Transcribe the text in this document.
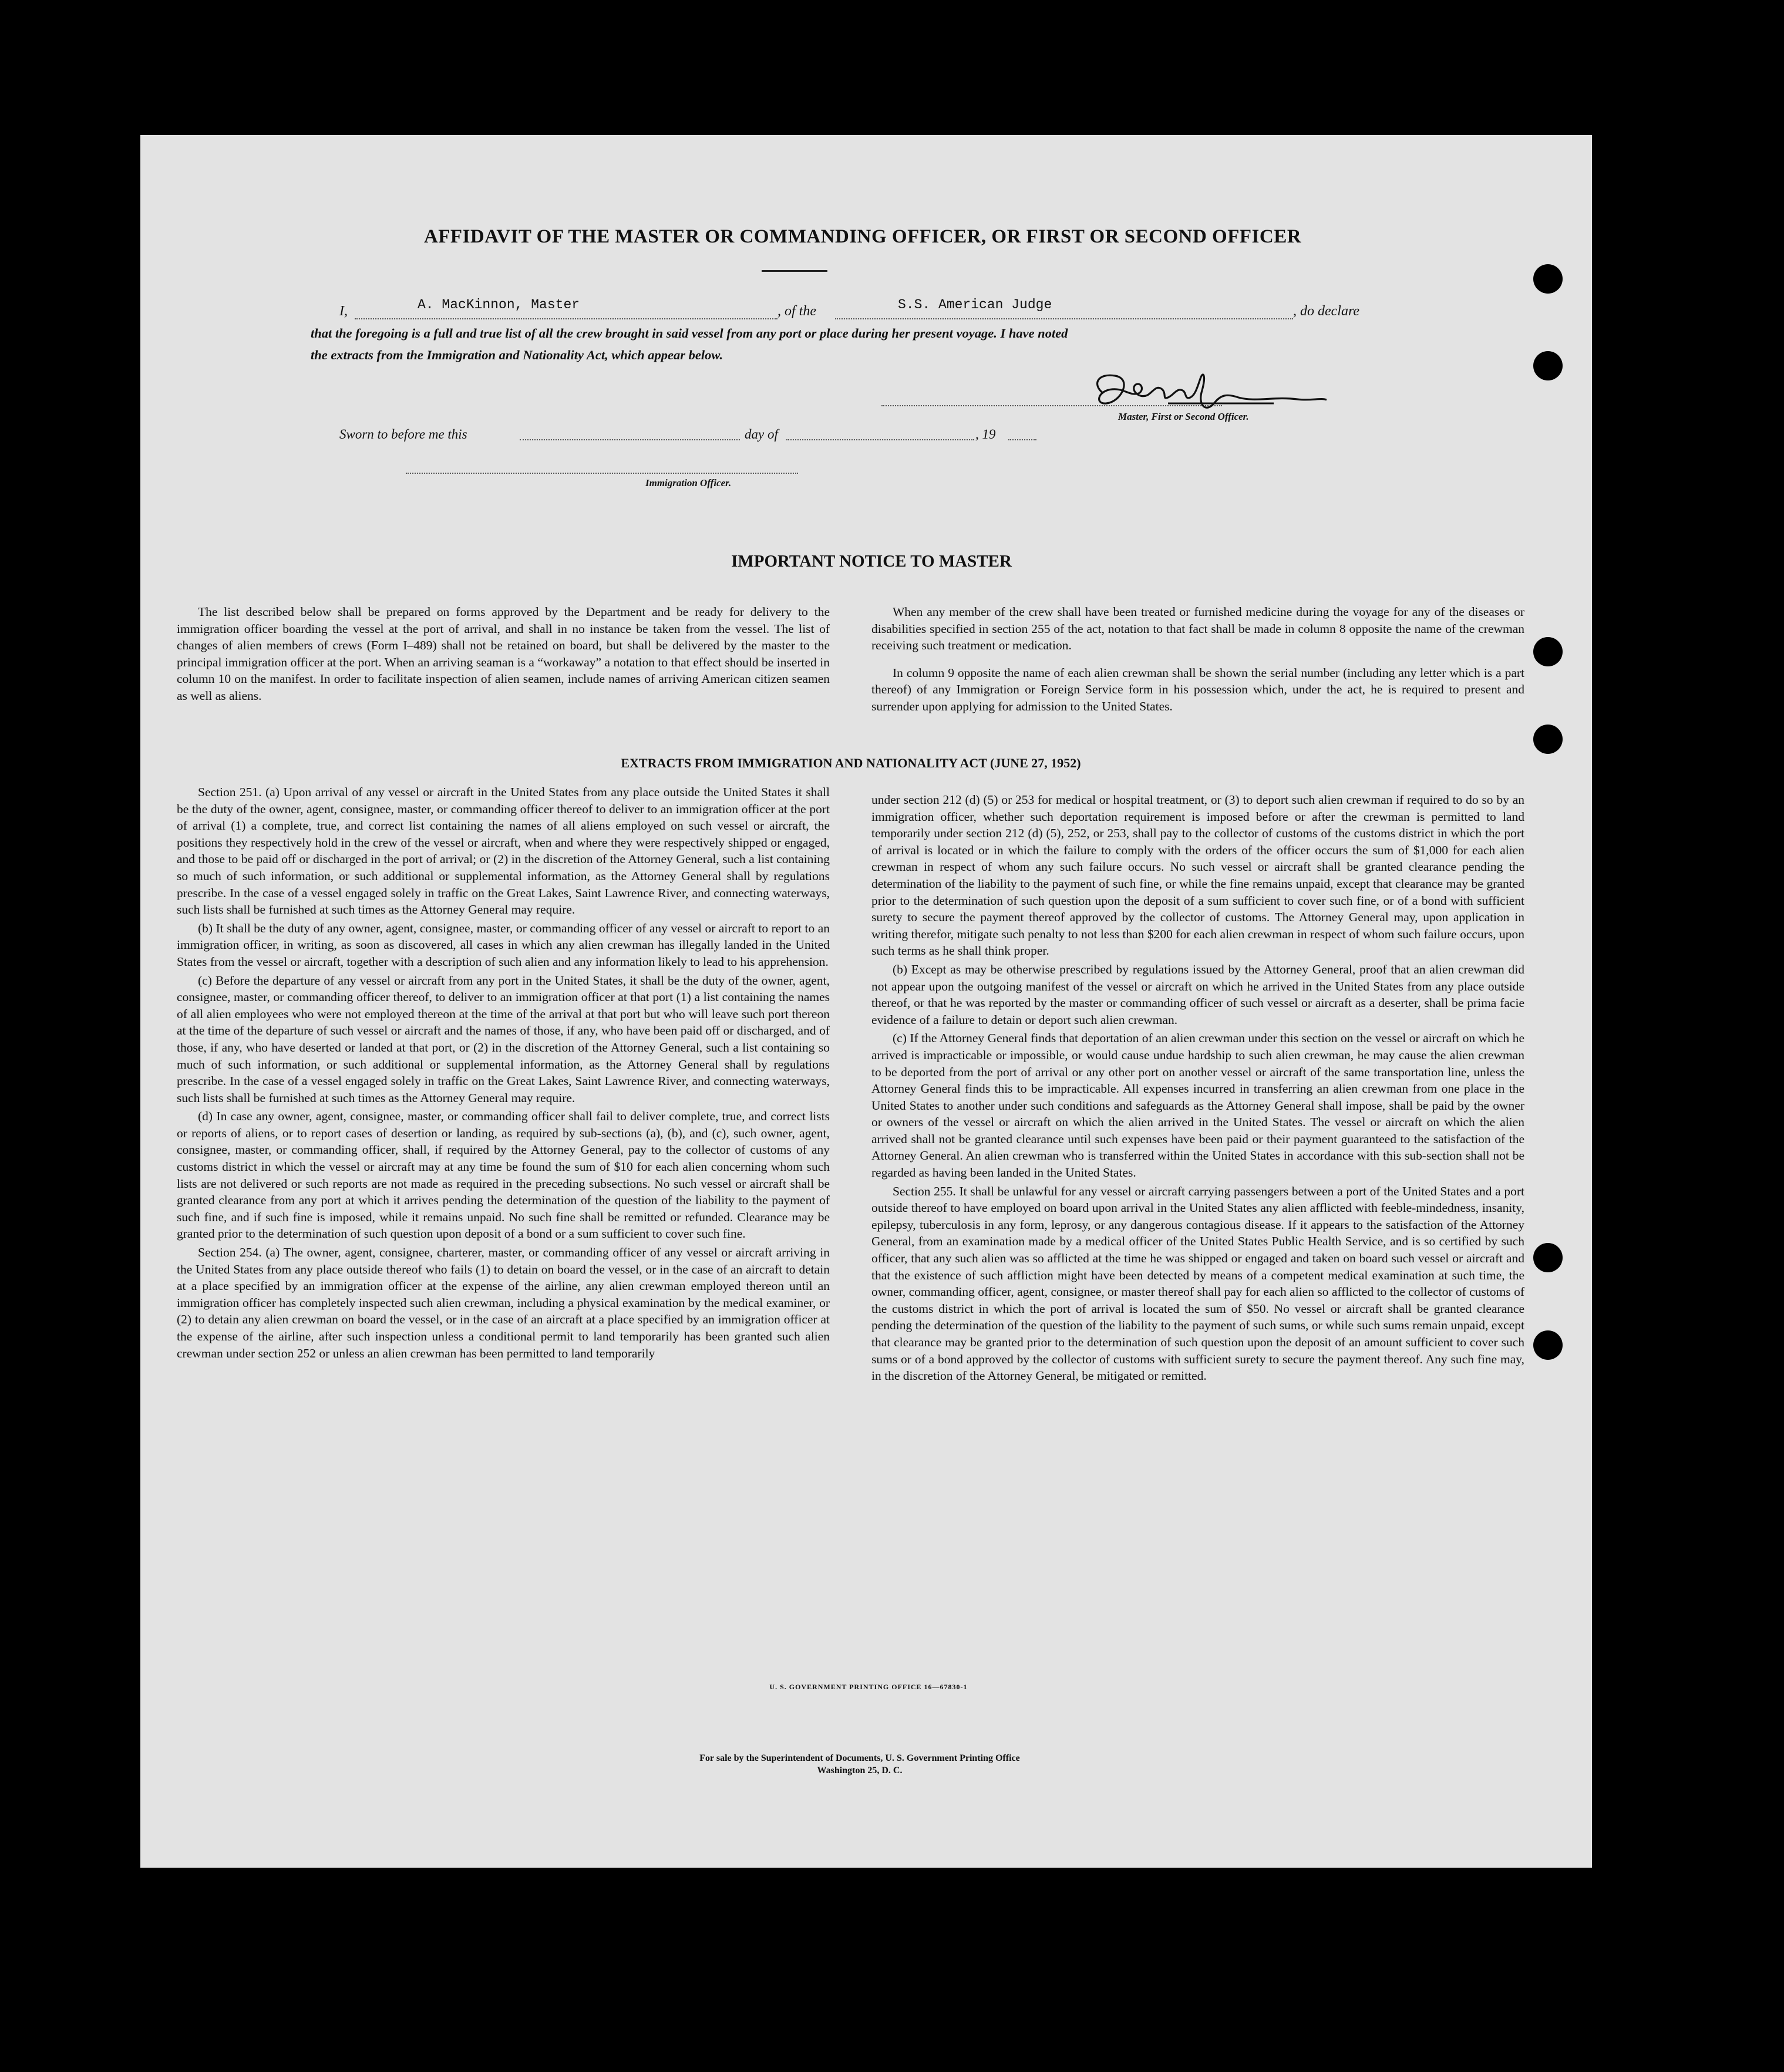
AFFIDAVIT OF THE MASTER OR COMMANDING OFFICER, OR FIRST OR SECOND OFFICER
I,	A. MacKinnon, Master	, of the	S.S. American Judge	, do declare
that the foregoing is a full and true list of all the crew brought in said vessel from any port or place during her present voyage. I have noted
the extracts from the Immigration and Nationality Act, which appear below.
Master, First or Second Officer.
Sworn to before me this	day of	, 19
Immigration Officer.
IMPORTANT NOTICE TO MASTER

The list described below shall be prepared on forms approved by the Department and be ready for delivery to the immigration officer boarding the vessel at the port of arrival, and shall in no instance be taken from the vessel. The list of changes of alien members of crews (Form I–489) shall not be retained on board, but shall be delivered by the master to the principal immigration officer at the port. When an arriving seaman is a “workaway” a notation to that effect should be inserted in column 10 on the manifest. In order to facilitate inspection of alien seamen, include names of arriving American citizen seamen as well as aliens.

When any member of the crew shall have been treated or furnished medicine during the voyage for any of the diseases or disabilities specified in section 255 of the act, notation to that fact shall be made in column 8 opposite the name of the crewman receiving such treatment or medication.

In column 9 opposite the name of each alien crewman shall be shown the serial number (including any letter which is a part thereof) of any Immigration or Foreign Service form in his possession which, under the act, he is required to present and surrender upon applying for admission to the United States.

EXTRACTS FROM IMMIGRATION AND NATIONALITY ACT (JUNE 27, 1952)

Section 251. (a) Upon arrival of any vessel or aircraft in the United States from any place outside the United States it shall be the duty of the owner, agent, consignee, master, or commanding officer thereof to deliver to an immigration officer at the port of arrival (1) a complete, true, and correct list containing the names of all aliens employed on such vessel or aircraft, the positions they respectively hold in the crew of the vessel or aircraft, when and where they were respectively shipped or engaged, and those to be paid off or discharged in the port of arrival; or (2) in the discretion of the Attorney General, such a list containing so much of such information, or such additional or supplemental information, as the Attorney General shall by regulations prescribe. In the case of a vessel engaged solely in traffic on the Great Lakes, Saint Lawrence River, and connecting waterways, such lists shall be furnished at such times as the Attorney General may require.

(b) It shall be the duty of any owner, agent, consignee, master, or commanding officer of any vessel or aircraft to report to an immigration officer, in writing, as soon as discovered, all cases in which any alien crewman has illegally landed in the United States from the vessel or aircraft, together with a description of such alien and any information likely to lead to his apprehension.

(c) Before the departure of any vessel or aircraft from any port in the United States, it shall be the duty of the owner, agent, consignee, master, or commanding officer thereof, to deliver to an immigration officer at that port (1) a list containing the names of all alien employees who were not employed thereon at the time of the arrival at that port but who will leave such port thereon at the time of the departure of such vessel or aircraft and the names of those, if any, who have been paid off or discharged, and of those, if any, who have deserted or landed at that port, or (2) in the discretion of the Attorney General, such a list containing so much of such information, or such additional or supplemental information, as the Attorney General shall by regulations prescribe. In the case of a vessel engaged solely in traffic on the Great Lakes, Saint Lawrence River, and connecting waterways, such lists shall be furnished at such times as the Attorney General may require.

(d) In case any owner, agent, consignee, master, or commanding officer shall fail to deliver complete, true, and correct lists or reports of aliens, or to report cases of desertion or landing, as required by sub-sections (a), (b), and (c), such owner, agent, consignee, master, or commanding officer, shall, if required by the Attorney General, pay to the collector of customs of any customs district in which the vessel or aircraft may at any time be found the sum of $10 for each alien concerning whom such lists are not delivered or such reports are not made as required in the preceding subsections. No such vessel or aircraft shall be granted clearance from any port at which it arrives pending the determination of the question of the liability to the payment of such fine, and if such fine is imposed, while it remains unpaid. No such fine shall be remitted or refunded. Clearance may be granted prior to the determination of such question upon deposit of a bond or a sum sufficient to cover such fine.

Section 254. (a) The owner, agent, consignee, charterer, master, or commanding officer of any vessel or aircraft arriving in the United States from any place outside thereof who fails (1) to detain on board the vessel, or in the case of an aircraft to detain at a place specified by an immigration officer at the expense of the airline, any alien crewman employed thereon until an immigration officer has completely inspected such alien crewman, including a physical examination by the medical examiner, or (2) to detain any alien crewman on board the vessel, or in the case of an aircraft at a place specified by an immigration officer at the expense of the airline, after such inspection unless a conditional permit to land temporarily has been granted such alien crewman under section 252 or unless an alien crewman has been permitted to land temporarily

under section 212 (d) (5) or 253 for medical or hospital treatment, or (3) to deport such alien crewman if required to do so by an immigration officer, whether such deportation requirement is imposed before or after the crewman is permitted to land temporarily under section 212 (d) (5), 252, or 253, shall pay to the collector of customs of the customs district in which the port of arrival is located or in which the failure to comply with the orders of the officer occurs the sum of $1,000 for each alien crewman in respect of whom any such failure occurs. No such vessel or aircraft shall be granted clearance pending the determination of the liability to the payment of such fine, or while the fine remains unpaid, except that clearance may be granted prior to the determination of such question upon the deposit of a sum sufficient to cover such fine, or of a bond with sufficient surety to secure the payment thereof approved by the collector of customs. The Attorney General may, upon application in writing therefor, mitigate such penalty to not less than $200 for each alien crewman in respect of whom such failure occurs, upon such terms as he shall think proper.

(b) Except as may be otherwise prescribed by regulations issued by the Attorney General, proof that an alien crewman did not appear upon the outgoing manifest of the vessel or aircraft on which he arrived in the United States from any place outside thereof, or that he was reported by the master or commanding officer of such vessel or aircraft as a deserter, shall be prima facie evidence of a failure to detain or deport such alien crewman.

(c) If the Attorney General finds that deportation of an alien crewman under this section on the vessel or aircraft on which he arrived is impracticable or impossible, or would cause undue hardship to such alien crewman, he may cause the alien crewman to be deported from the port of arrival or any other port on another vessel or aircraft of the same transportation line, unless the Attorney General finds this to be impracticable. All expenses incurred in transferring an alien crewman from one place in the United States to another under such conditions and safeguards as the Attorney General shall impose, shall be paid by the owner or owners of the vessel or aircraft on which the alien arrived in the United States. The vessel or aircraft on which the alien arrived shall not be granted clearance until such expenses have been paid or their payment guaranteed to the satisfaction of the Attorney General. An alien crewman who is transferred within the United States in accordance with this sub-section shall not be regarded as having been landed in the United States.

Section 255. It shall be unlawful for any vessel or aircraft carrying passengers between a port of the United States and a port outside thereof to have employed on board upon arrival in the United States any alien afflicted with feeble-mindedness, insanity, epilepsy, tuberculosis in any form, leprosy, or any dangerous contagious disease. If it appears to the satisfaction of the Attorney General, from an examination made by a medical officer of the United States Public Health Service, and is so certified by such officer, that any such alien was so afflicted at the time he was shipped or engaged and taken on board such vessel or aircraft and that the existence of such affliction might have been detected by means of a competent medical examination at such time, the owner, commanding officer, agent, consignee, or master thereof shall pay for each alien so afflicted to the collector of customs of the customs district in which the port of arrival is located the sum of $50. No vessel or aircraft shall be granted clearance pending the determination of the question of the liability to the payment of such sums, or while such sums remain unpaid, except that clearance may be granted prior to the determination of such question upon the deposit of an amount sufficient to cover such sums or of a bond approved by the collector of customs with sufficient surety to secure the payment thereof. Any such fine may, in the discretion of the Attorney General, be mitigated or remitted.

U. S. GOVERNMENT PRINTING OFFICE 16—67830-1
For sale by the Superintendent of Documents, U. S. Government Printing Office
Washington 25, D. C.
